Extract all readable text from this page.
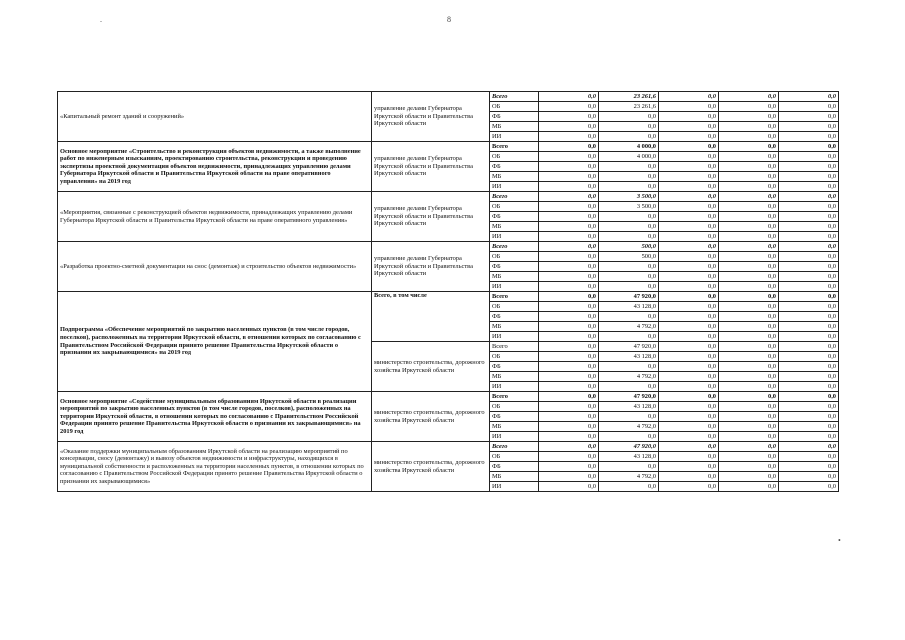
8
.
•
«Капитальный ремонт зданий и сооружений»	управление делами Губернатора Иркутской области и Правительства Иркутской области	Всего	0,0	23 261,6	0,0	0,0	0,0
		ОБ	0,0	23 261,6	0,0	0,0	0,0
		ФБ	0,0	0,0	0,0	0,0	0,0
		МБ	0,0	0,0	0,0	0,0	0,0
		ИИ	0,0	0,0	0,0	0,0	0,0
Основное мероприятие «Строительство и реконструкция объектов недвижимости, а также выполнение работ по инженерным изысканиям, проектированию строительства, реконструкции и проведению экспертизы проектной документации объектов недвижимости, принадлежащих управлению делами Губернатора Иркутской области и Правительства Иркутской области на праве оперативного управления» на 2019 год	управление делами Губернатора Иркутской области и Правительства Иркутской области	Всего	0,0	4 000,0	0,0	0,0	0,0
		ОБ	0,0	4 000,0	0,0	0,0	0,0
		ФБ	0,0	0,0	0,0	0,0	0,0
		МБ	0,0	0,0	0,0	0,0	0,0
		ИИ	0,0	0,0	0,0	0,0	0,0
«Мероприятия, связанные с реконструкцией объектов недвижимости, принадлежащих управлению делами Губернатора Иркутской области и Правительства Иркутской области на праве оперативного управления»	управление делами Губернатора Иркутской области и Правительства Иркутской области	Всего	0,0	3 500,0	0,0	0,0	0,0
		ОБ	0,0	3 500,0	0,0	0,0	0,0
		ФБ	0,0	0,0	0,0	0,0	0,0
		МБ	0,0	0,0	0,0	0,0	0,0
		ИИ	0,0	0,0	0,0	0,0	0,0
«Разработка проектно-сметной документации на снос (демонтаж) и строительство объектов недвижимости»	управление делами Губернатора Иркутской области и Правительства Иркутской области	Всего	0,0	500,0	0,0	0,0	0,0
		ОБ	0,0	500,0	0,0	0,0	0,0
		ФБ	0,0	0,0	0,0	0,0	0,0
		МБ	0,0	0,0	0,0	0,0	0,0
		ИИ	0,0	0,0	0,0	0,0	0,0
Подпрограмма «Обеспечение мероприятий по закрытию населенных пунктов (в том числе городов, поселков), расположенных на территории Иркутской области, в отношении которых по согласованию с Правительством Российской Федерации принято решение Правительства Иркутской области о признании их закрывающимися» на 2019 год	Всего, в том числе	Всего	0,0	47 920,0	0,0	0,0	0,0
		ОБ	0,0	43 128,0	0,0	0,0	0,0
		ФБ	0,0	0,0	0,0	0,0	0,0
		МБ	0,0	4 792,0	0,0	0,0	0,0
		ИИ	0,0	0,0	0,0	0,0	0,0
	министерство строительства, дорожного хозяйства Иркутской области	Всего	0,0	47 920,0	0,0	0,0	0,0
		ОБ	0,0	43 128,0	0,0	0,0	0,0
		ФБ	0,0	0,0	0,0	0,0	0,0
		МБ	0,0	4 792,0	0,0	0,0	0,0
		ИИ	0,0	0,0	0,0	0,0	0,0
Основное мероприятие «Содействие муниципальным образованиям Иркутской области в реализации мероприятий по закрытию населенных пунктов (в том числе городов, поселков), расположенных на территории Иркутской области, в отношении которых по согласованию с Правительством Российской Федерации принято решение Правительства Иркутской области о признании их закрывающимися» на 2019 год	министерство строительства, дорожного хозяйства Иркутской области	Всего	0,0	47 920,0	0,0	0,0	0,0
		ОБ	0,0	43 128,0	0,0	0,0	0,0
		ФБ	0,0	0,0	0,0	0,0	0,0
		МБ	0,0	4 792,0	0,0	0,0	0,0
		ИИ	0,0	0,0	0,0	0,0	0,0
«Оказание поддержки муниципальным образованиям Иркутской области на реализацию мероприятий по консервации, сносу (демонтажу) и вывозу объектов недвижимости и инфраструктуры, находящихся в муниципальной собственности и расположенных на территории населенных пунктов, в отношении которых по согласованию с Правительством Российской Федерации принято решение Правительства Иркутской области о признании их закрывающимися»	министерство строительства, дорожного хозяйства Иркутской области	Всего	0,0	47 920,0	0,0	0,0	0,0
		ОБ	0,0	43 128,0	0,0	0,0	0,0
		ФБ	0,0	0,0	0,0	0,0	0,0
		МБ	0,0	4 792,0	0,0	0,0	0,0
		ИИ	0,0	0,0	0,0	0,0	0,0
